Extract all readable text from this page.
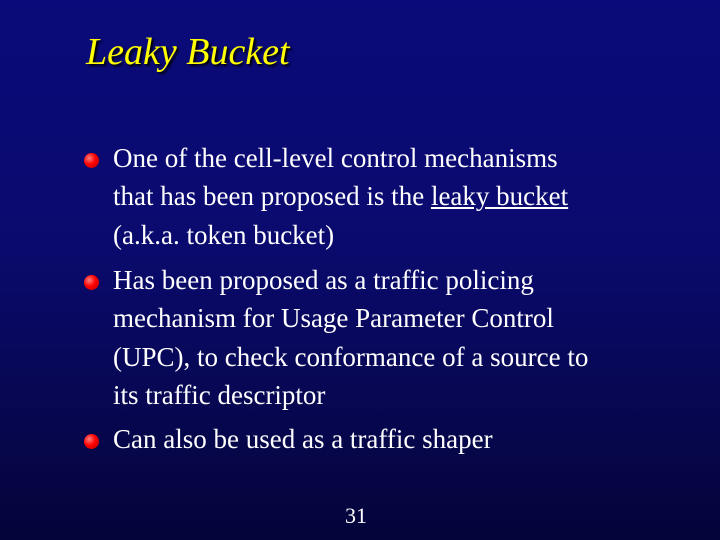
Leaky Bucket
One of the cell-level control mechanisms
that has been proposed is the leaky bucket
(a.k.a. token bucket)
Has been proposed as a traffic policing
mechanism for Usage Parameter Control
(UPC), to check conformance of a source to
its traffic descriptor
Can also be used as a traffic shaper
31
